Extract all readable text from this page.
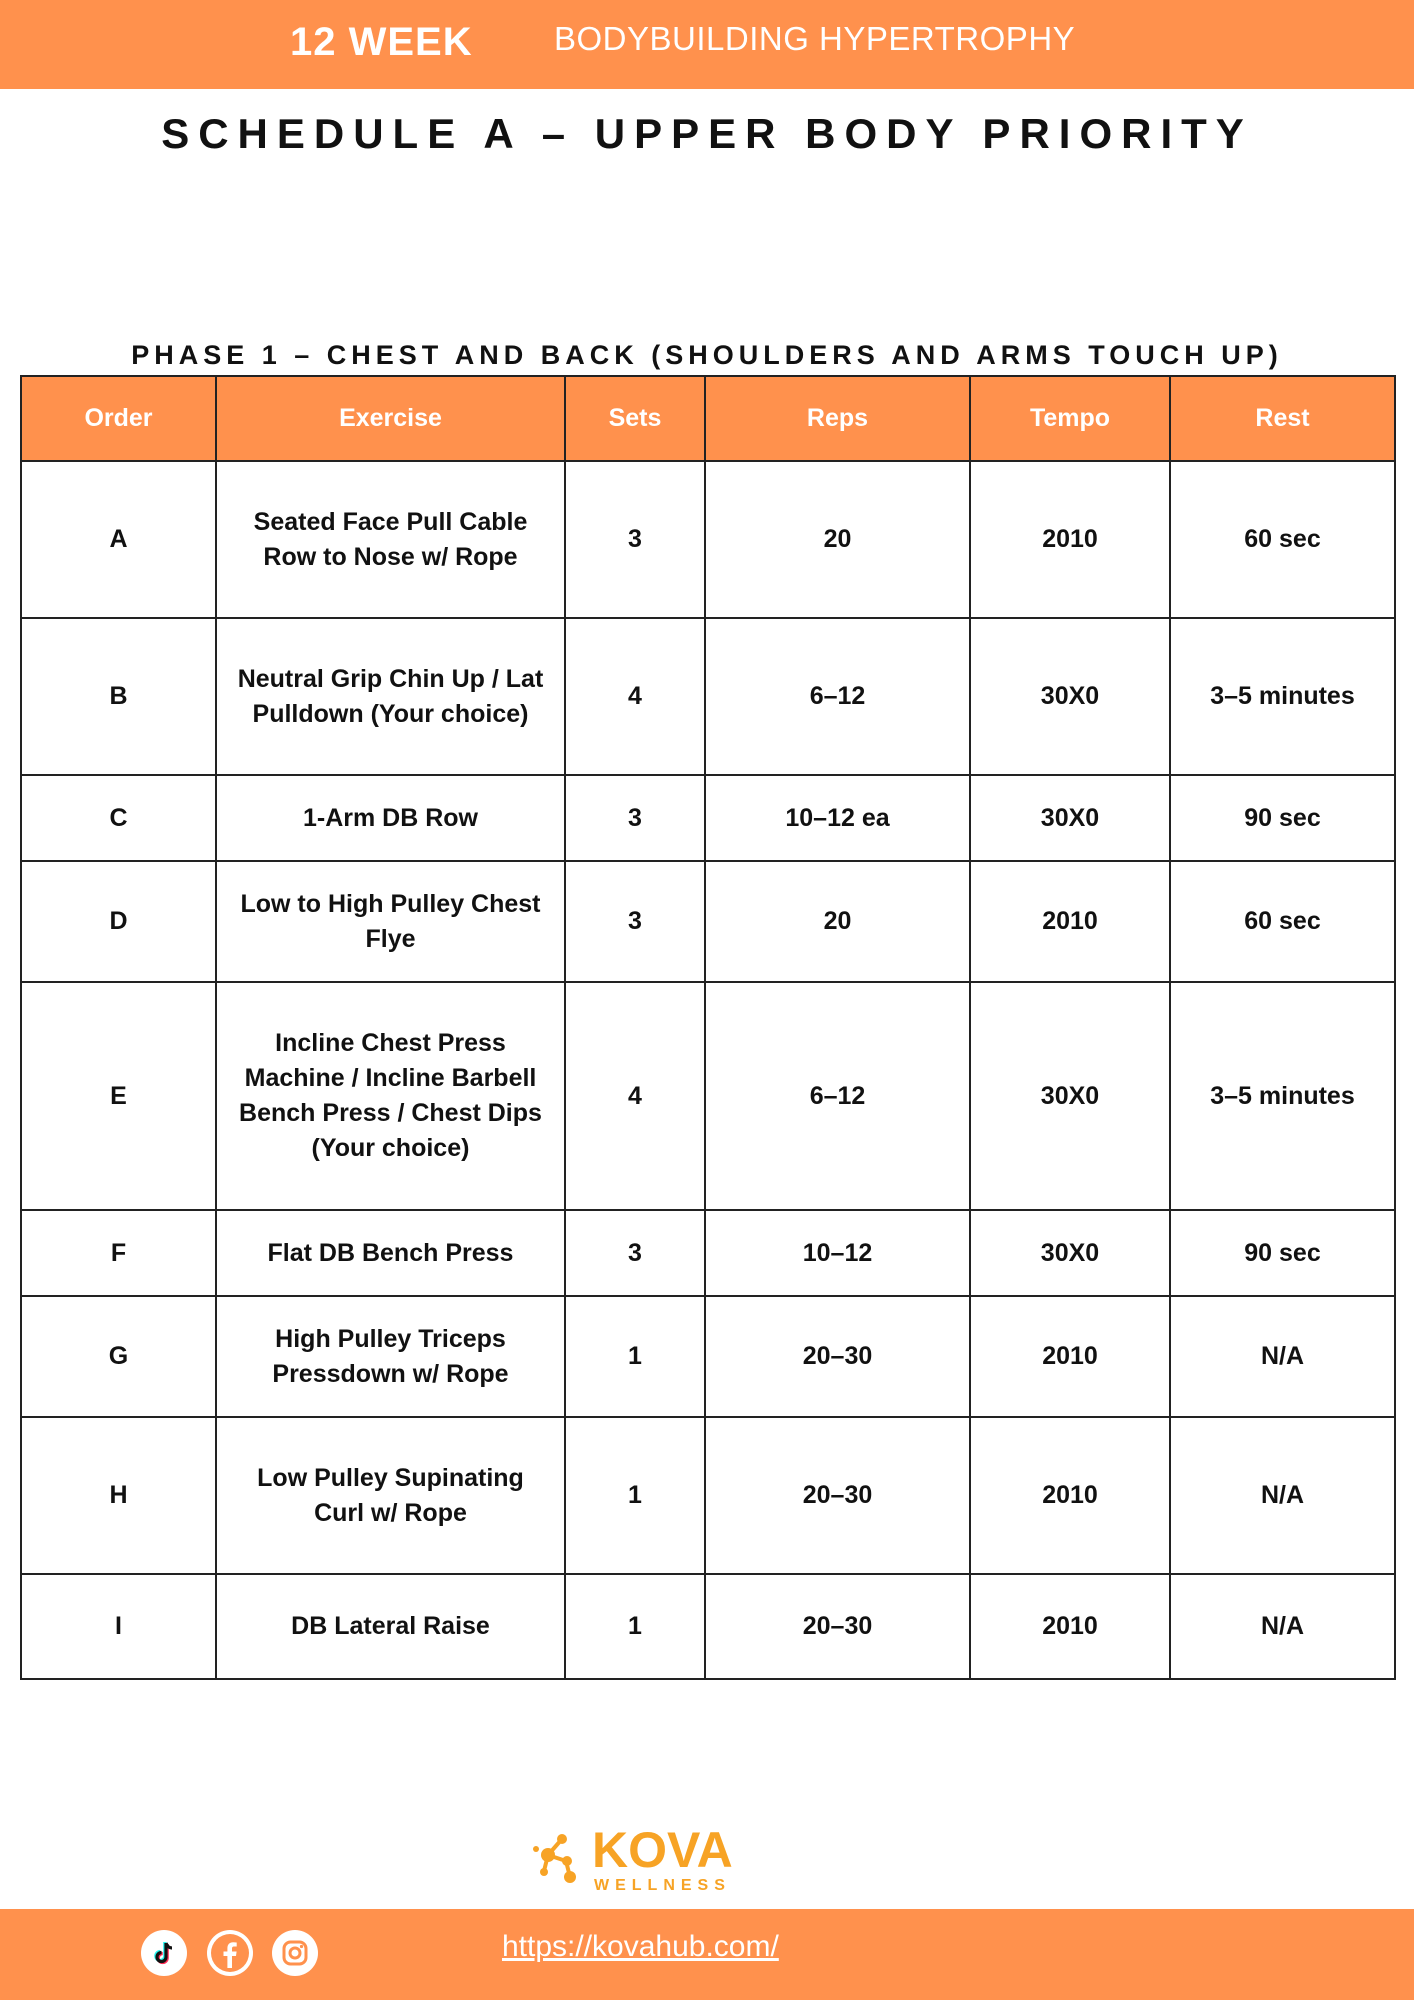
12 WEEK BODYBUILDING HYPERTROPHY
SCHEDULE A – UPPER BODY PRIORITY
PHASE 1 – CHEST AND BACK (SHOULDERS AND ARMS TOUCH UP)
Order	Exercise	Sets	Reps	Tempo	Rest
A	Seated Face Pull Cable Row to Nose w/ Rope	3	20	2010	60 sec
B	Neutral Grip Chin Up / Lat Pulldown (Your choice)	4	6–12	30X0	3–5 minutes
C	1-Arm DB Row	3	10–12 ea	30X0	90 sec
D	Low to High Pulley Chest Flye	3	20	2010	60 sec
E	Incline Chest Press Machine / Incline Barbell Bench Press / Chest Dips (Your choice)	4	6–12	30X0	3–5 minutes
F	Flat DB Bench Press	3	10–12	30X0	90 sec
G	High Pulley Triceps Pressdown w/ Rope	1	20–30	2010	N/A
H	Low Pulley Supinating Curl w/ Rope	1	20–30	2010	N/A
I	DB Lateral Raise	1	20–30	2010	N/A
KOVA
WELLNESS
https://kovahub.com/
